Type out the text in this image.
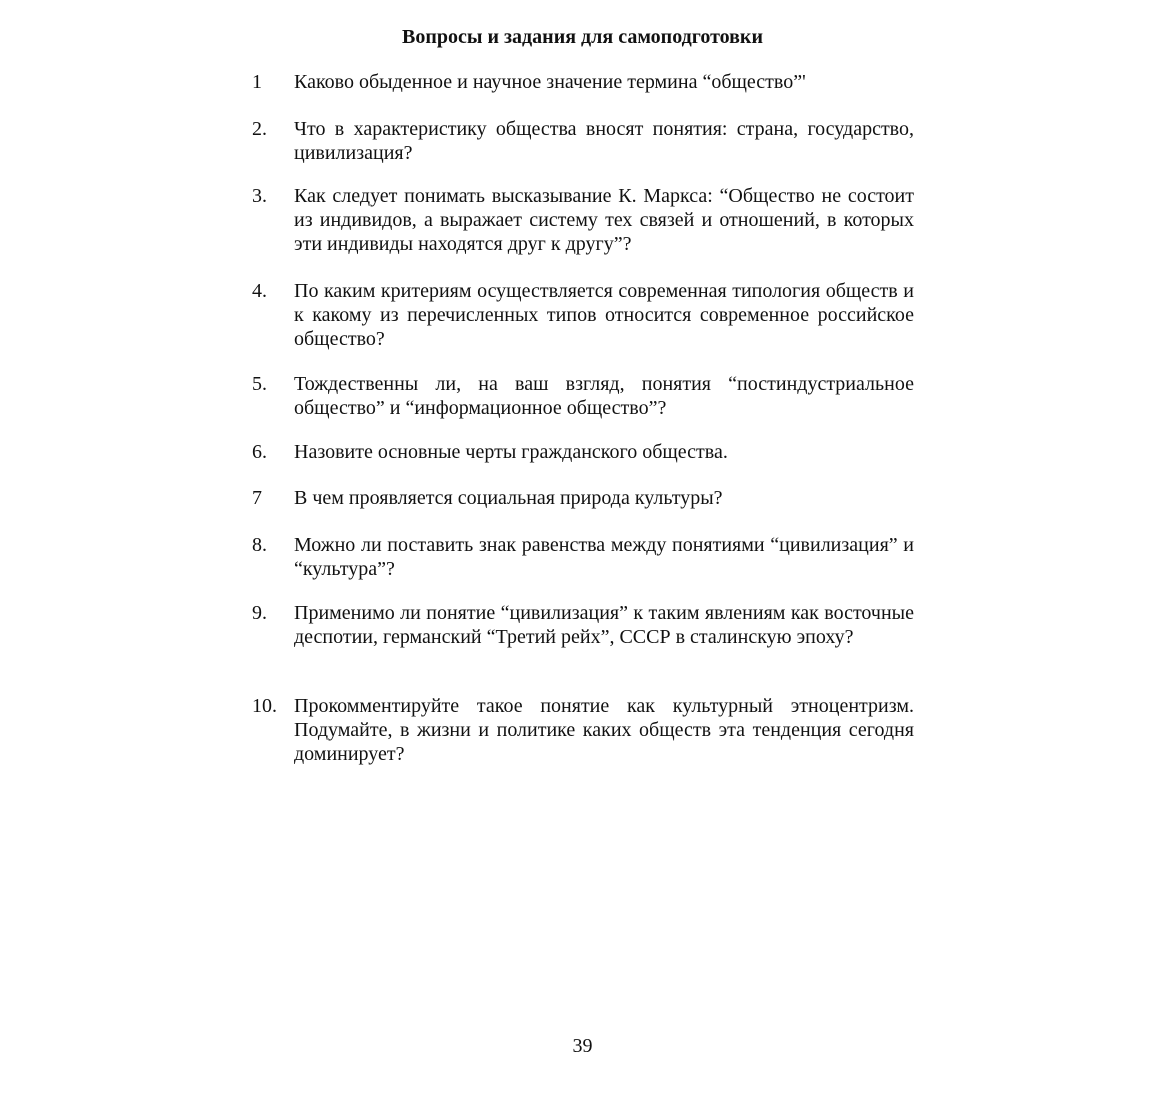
Вопросы и задания для самоподготовки
1	Каково обыденное и научное значение термина “общество”'
2.	Что в характеристику общества вносят понятия: страна, государство, цивилизация?
3.	Как следует понимать высказывание К. Маркса: “Общество не состоит из индивидов, а выражает систему тех связей и отношений, в которых эти индивиды находятся друг к другу”?
4.	По каким критериям осуществляется современная типология обществ и к какому из перечисленных типов относится современное российское общество?
5.	Тождественны ли, на ваш взгляд, понятия “постиндустриальное общество” и “информационное общество”?
6.	Назовите основные черты гражданского общества.
7	В чем проявляется социальная природа культуры?
8.	Можно ли поставить знак равенства между понятиями “цивилизация” и “культура”?
9.	Применимо ли понятие “цивилизация” к таким явлениям как восточные деспотии, германский “Третий рейх”, СССР в сталинскую эпоху?
10. Прокомментируйте такое понятие как культурный этноцентризм. Подумайте, в жизни и политике каких обществ эта тенденция сегодня доминирует?
39
